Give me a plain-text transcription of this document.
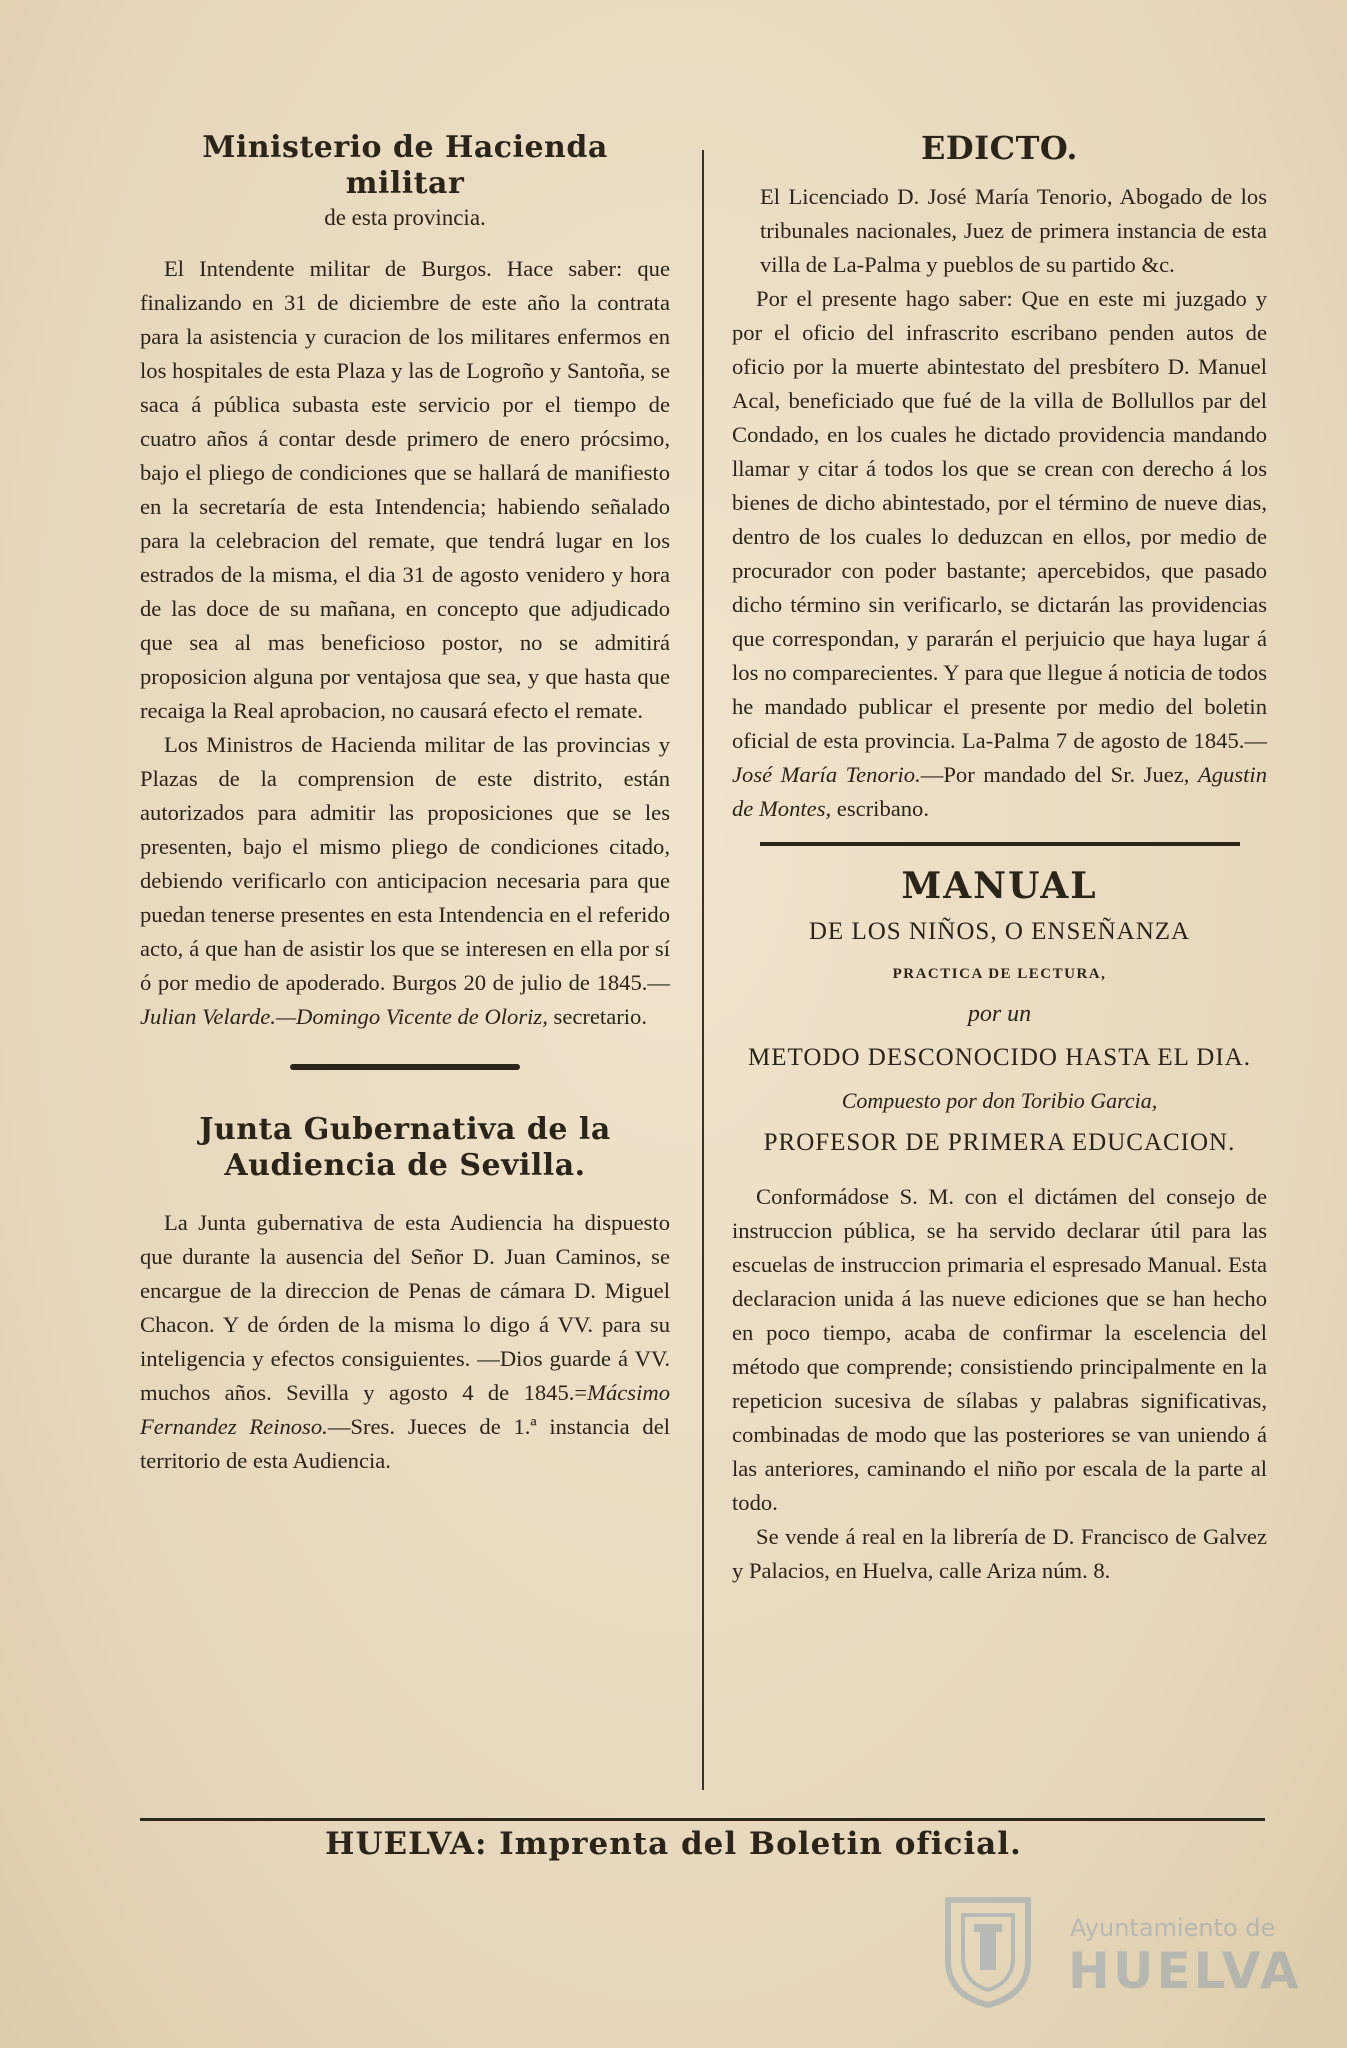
Ministerio de Hacienda militar
de esta provincia.

El Intendente militar de Burgos. Hace saber: que finalizando en 31 de diciembre de este año la contrata para la asistencia y curacion de los militares enfermos en los hospitales de esta Plaza y las de Logroño y Santoña, se saca á pública subasta este servicio por el tiempo de cuatro años á contar desde primero de enero prócsimo, bajo el pliego de condiciones que se hallará de manifiesto en la secretaría de esta Intendencia; habiendo señalado para la celebracion del remate, que tendrá lugar en los estrados de la misma, el dia 31 de agosto venidero y hora de las doce de su mañana, en concepto que adjudicado que sea al mas beneficioso postor, no se admitirá proposicion alguna por ventajosa que sea, y que hasta que recaiga la Real aprobacion, no causará efecto el remate.

Los Ministros de Hacienda militar de las provincias y Plazas de la comprension de este distrito, están autorizados para admitir las proposiciones que se les presenten, bajo el mismo pliego de condiciones citado, debiendo verificarlo con anticipacion necesaria para que puedan tenerse presentes en esta Intendencia en el referido acto, á que han de asistir los que se interesen en ella por sí ó por medio de apoderado. Burgos 20 de julio de 1845.—Julian Velarde.—Domingo Vicente de Oloriz, secretario.

Junta Gubernativa de la Audiencia de Sevilla.

La Junta gubernativa de esta Audiencia ha dispuesto que durante la ausencia del Señor D. Juan Caminos, se encargue de la direccion de Penas de cámara D. Miguel Chacon. Y de órden de la misma lo digo á VV. para su inteligencia y efectos consiguientes. —Dios guarde á VV. muchos años. Sevilla y agosto 4 de 1845.=Mácsimo Fernandez Reinoso.—Sres. Jueces de 1.ª instancia del territorio de esta Audiencia.

EDICTO.

El Licenciado D. José María Tenorio, Abogado de los tribunales nacionales, Juez de primera instancia de esta villa de La-Palma y pueblos de su partido &c.

Por el presente hago saber: Que en este mi juzgado y por el oficio del infrascrito escribano penden autos de oficio por la muerte abintestato del presbítero D. Manuel Acal, beneficiado que fué de la villa de Bollullos par del Condado, en los cuales he dictado providencia mandando llamar y citar á todos los que se crean con derecho á los bienes de dicho abintestado, por el término de nueve dias, dentro de los cuales lo deduzcan en ellos, por medio de procurador con poder bastante; apercebidos, que pasado dicho término sin verificarlo, se dictarán las providencias que correspondan, y pararán el perjuicio que haya lugar á los no comparecientes. Y para que llegue á noticia de todos he mandado publicar el presente por medio del boletin oficial de esta provincia. La-Palma 7 de agosto de 1845.—José María Tenorio.—Por mandado del Sr. Juez, Agustin de Montes, escribano.

MANUAL
DE LOS NIÑOS, O ENSEÑANZA
PRACTICA DE LECTURA,
por un
METODO DESCONOCIDO HASTA EL DIA.
Compuesto por don Toribio Garcia,
PROFESOR DE PRIMERA EDUCACION.

Conformádose S. M. con el dictámen del consejo de instruccion pública, se ha servido declarar útil para las escuelas de instruccion primaria el espresado Manual. Esta declaracion unida á las nueve ediciones que se han hecho en poco tiempo, acaba de confirmar la escelencia del método que comprende; consistiendo principalmente en la repeticion sucesiva de sílabas y palabras significativas, combinadas de modo que las posteriores se van uniendo á las anteriores, caminando el niño por escala de la parte al todo.

Se vende á real en la librería de D. Francisco de Galvez y Palacios, en Huelva, calle Ariza núm. 8.

HUELVA: Imprenta del Boletin oficial.
Ayuntamiento de
HUELVA
